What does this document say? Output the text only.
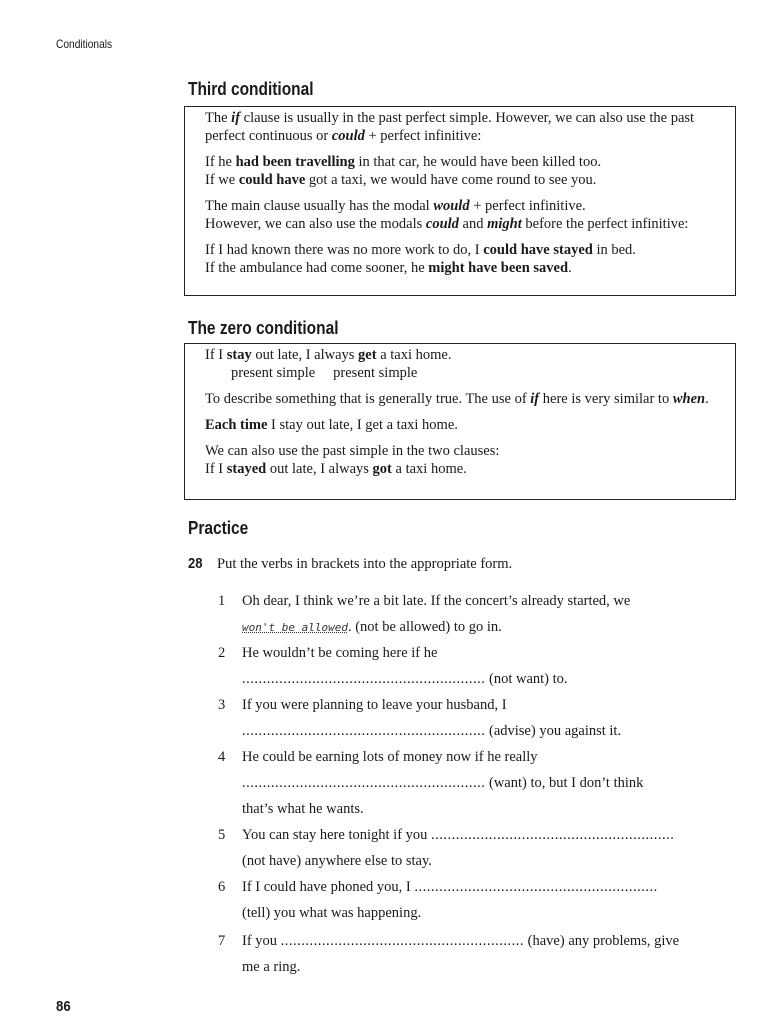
Conditionals
Third conditional

The if clause is usually in the past perfect simple. However, we can also use the past perfect continuous or could + perfect infinitive:

If he had been travelling in that car, he would have been killed too.
If we could have got a taxi, we would have come round to see you.

The main clause usually has the modal would + perfect infinitive.
However, we can also use the modals could and might before the perfect infinitive:

If I had known there was no more work to do, I could have stayed in bed.
If the ambulance had come sooner, he might have been saved.

The zero conditional

If I stay out late, I always get a taxi home.
present simple present simple

To describe something that is generally true. The use of if here is very similar to when.

Each time I stay out late, I get a taxi home.

We can also use the past simple in the two clauses:
If I stayed out late, I always got a taxi home.

Practice
28 Put the verbs in brackets into the appropriate form.
1 Oh dear, I think we’re a bit late. If the concert’s already started, we
won't be allowed. (not be allowed) to go in.
2 He wouldn’t be coming here if he
........................................................... (not want) to.
3 If you were planning to leave your husband, I
........................................................... (advise) you against it.
4 He could be earning lots of money now if he really
........................................................... (want) to, but I don’t think
that’s what he wants.
5 You can stay here tonight if you ...........................................................
(not have) anywhere else to stay.
6 If I could have phoned you, I ...........................................................
(tell) you what was happening.
7 If you ........................................................... (have) any problems, give
me a ring.
86
